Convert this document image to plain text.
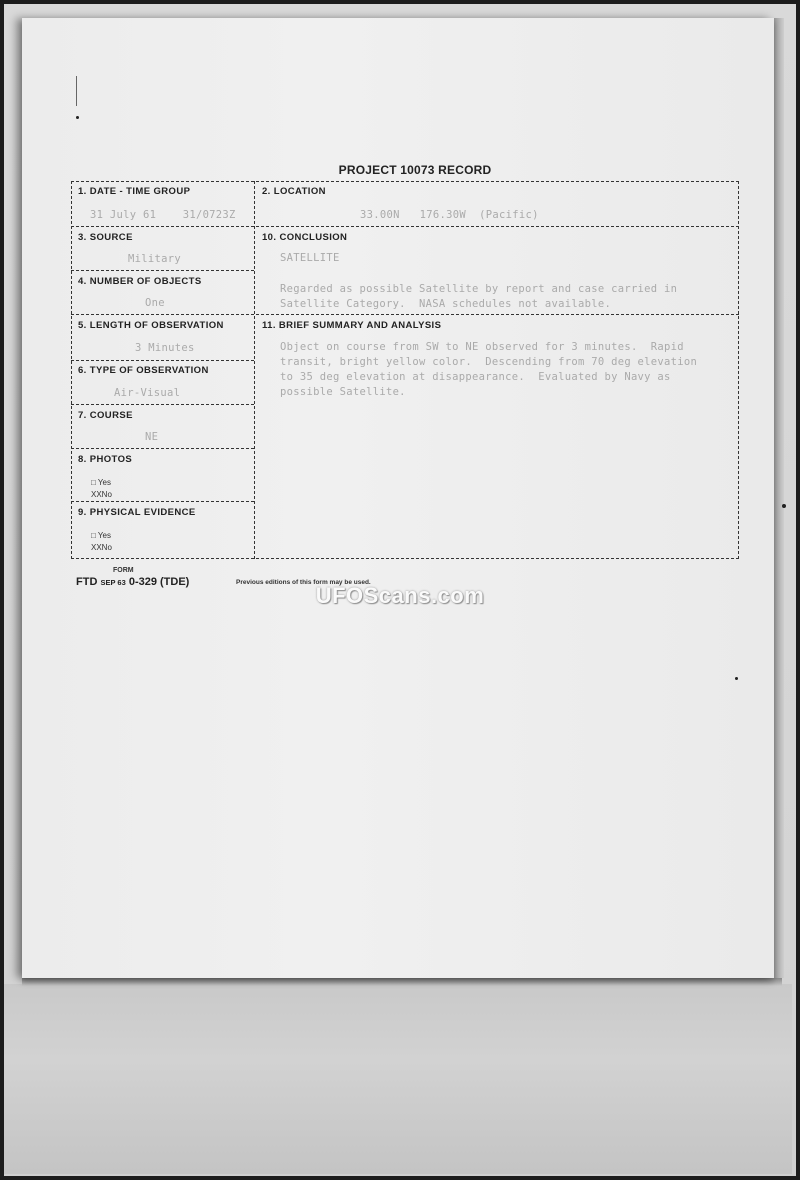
PROJECT 10073 RECORD
1. DATE - TIME GROUP
31 July 61    31/0723Z
2. LOCATION
33.00N   176.30W  (Pacific)
3. SOURCE
Military
4. NUMBER OF OBJECTS
One
5. LENGTH OF OBSERVATION
3 Minutes
6. TYPE OF OBSERVATION
Air-Visual
7. COURSE
NE
8. PHOTOS
□ Yes
XXNo
9. PHYSICAL EVIDENCE
□ Yes
XXNo
10. CONCLUSION
SATELLITE
Regarded as possible Satellite by report and case carried in
Satellite Category.  NASA schedules not available.
11. BRIEF SUMMARY AND ANALYSIS
Object on course from SW to NE observed for 3 minutes.  Rapid
transit, bright yellow color.  Descending from 70 deg elevation
to 35 deg elevation at disappearance.  Evaluated by Navy as
possible Satellite.
FORM
FTD SEP 63 0-329 (TDE)	Previous editions of this form may be used.
UFOScans.com
